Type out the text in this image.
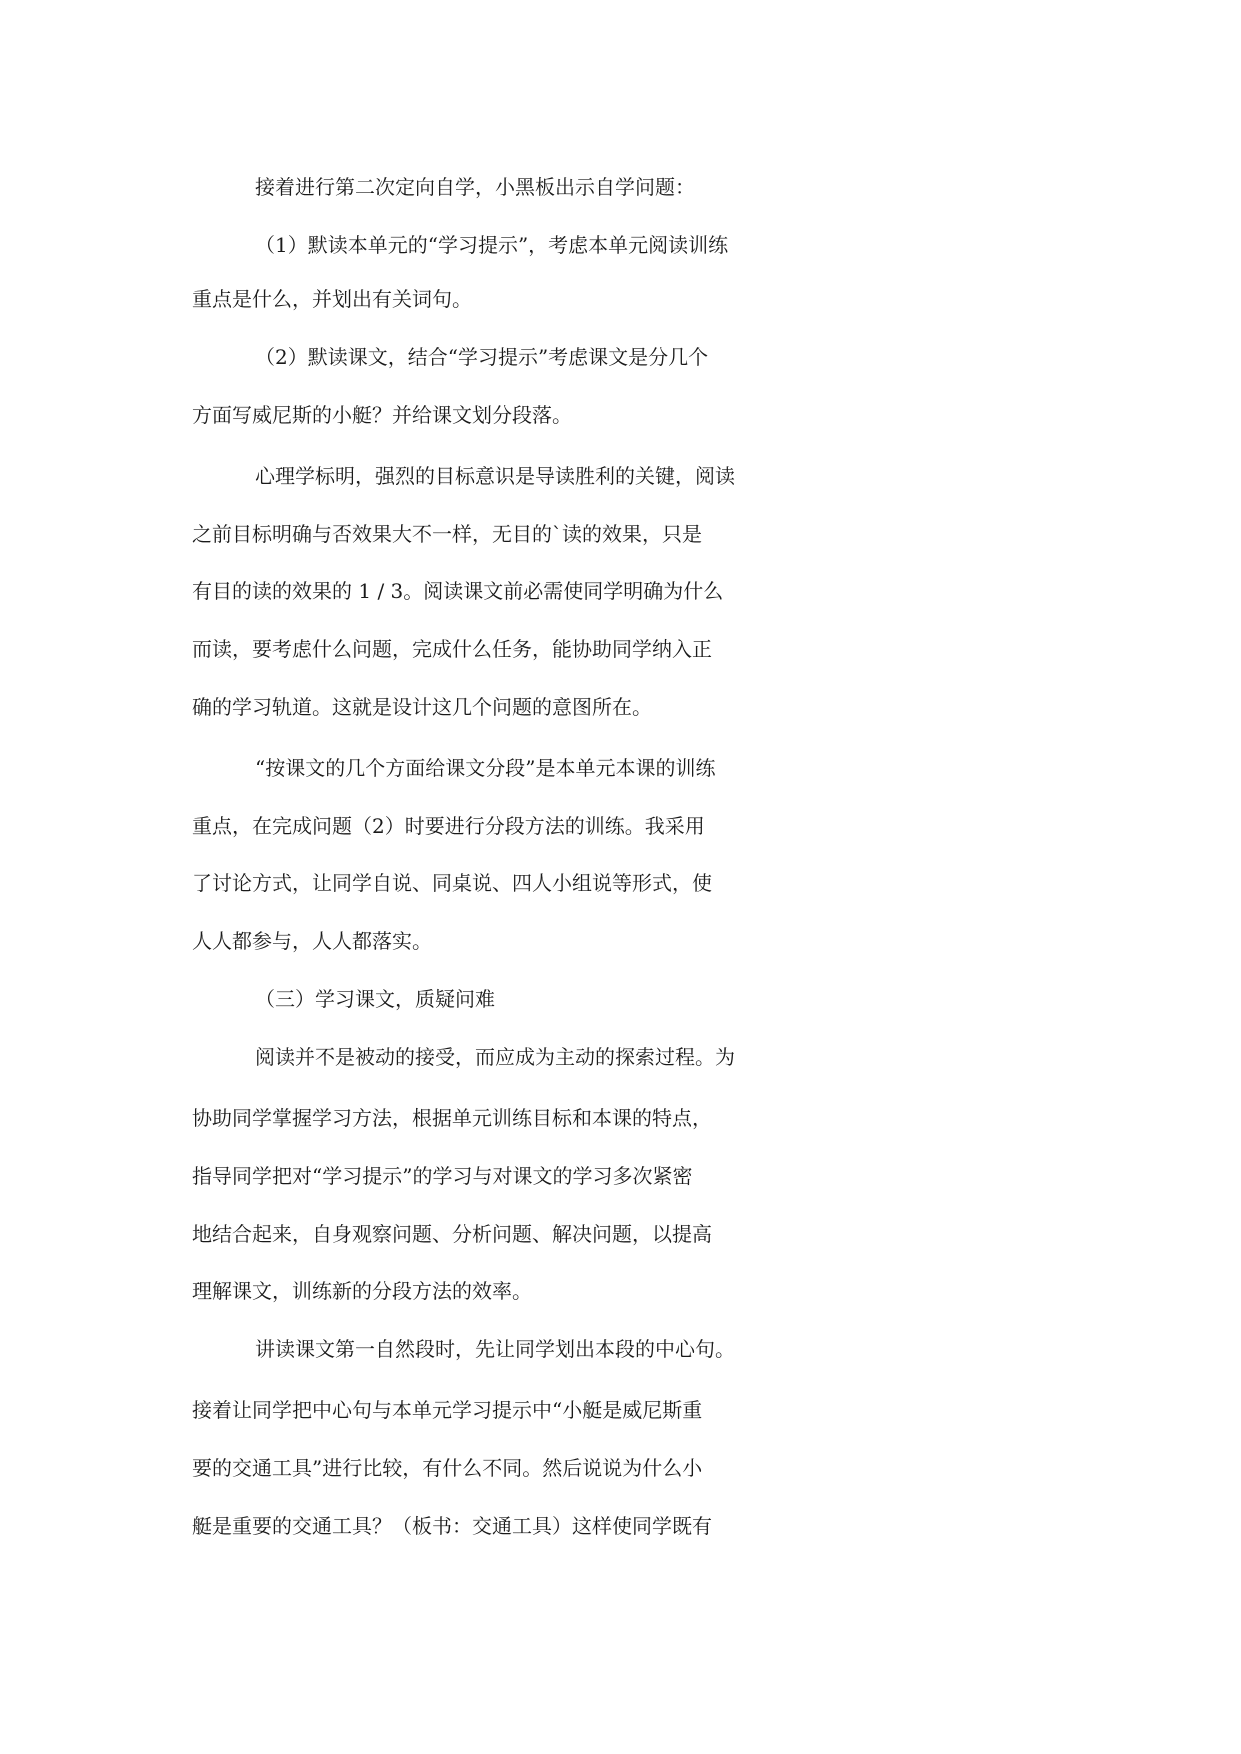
接着进行第二次定向自学，小黑板出示自学问题：

（1）默读本单元的“学习提示”，考虑本单元阅读训练

重点是什么，并划出有关词句。

（2）默读课文，结合“学习提示”考虑课文是分几个

方面写威尼斯的小艇？并给课文划分段落。

心理学标明，强烈的目标意识是导读胜利的关键，阅读

之前目标明确与否效果大不一样，无目的`读的效果，只是

有目的读的效果的 1 / 3。阅读课文前必需使同学明确为什么

而读，要考虑什么问题，完成什么任务，能协助同学纳入正

确的学习轨道。这就是设计这几个问题的意图所在。

“按课文的几个方面给课文分段”是本单元本课的训练

重点，在完成问题（2）时要进行分段方法的训练。我采用

了讨论方式，让同学自说、同桌说、四人小组说等形式，使

人人都参与，人人都落实。

（三）学习课文，质疑问难

阅读并不是被动的接受，而应成为主动的探索过程。为

协助同学掌握学习方法，根据单元训练目标和本课的特点，

指导同学把对“学习提示”的学习与对课文的学习多次紧密

地结合起来，自身观察问题、分析问题、解决问题，以提高

理解课文，训练新的分段方法的效率。

讲读课文第一自然段时，先让同学划出本段的中心句。

接着让同学把中心句与本单元学习提示中“小艇是威尼斯重

要的交通工具”进行比较，有什么不同。然后说说为什么小

艇是重要的交通工具？（板书：交通工具）这样使同学既有
